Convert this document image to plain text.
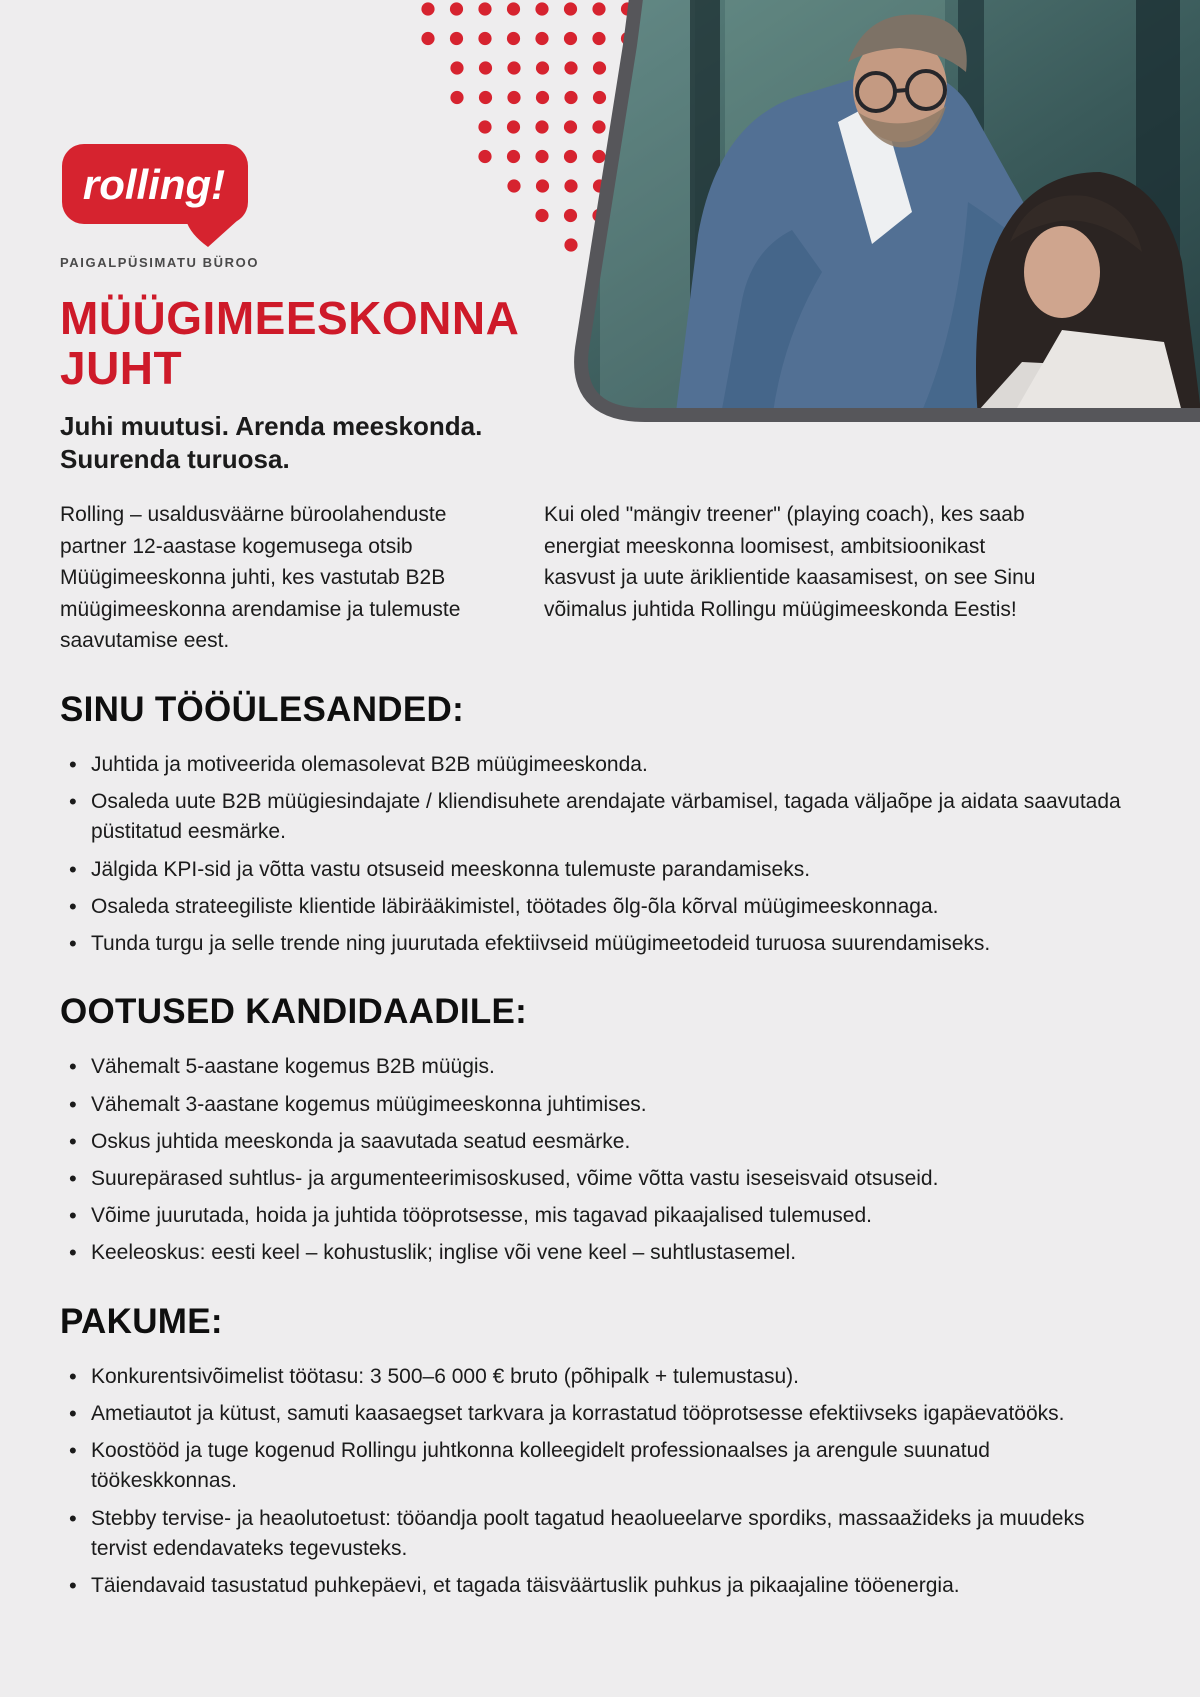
rolling!
PAIGALPÜSIMATU BÜROO
MÜÜGIMEESKONNA
JUHT
Juhi muutusi. Arenda meeskonda.
Suurenda turuosa.

Rolling – usaldusväärne büroolahenduste partner 12-aastase kogemusega otsib Müügimeeskonna juhti, kes vastutab B2B müügimeeskonna arendamise ja tulemuste saavutamise eest.

Kui oled "mängiv treener" (playing coach), kes saab energiat meeskonna loomisest, ambitsioonikast kasvust ja uute äriklientide kaasamisest, on see Sinu võimalus juhtida Rollingu müügimeeskonda Eestis!

SINU TÖÖÜLESANDED:
• Juhtida ja motiveerida olemasolevat B2B müügimeeskonda.
• Osaleda uute B2B müügiesindajate / kliendisuhete arendajate värbamisel, tagada väljaõpe ja aidata saavutada püstitatud eesmärke.
• Jälgida KPI-sid ja võtta vastu otsuseid meeskonna tulemuste parandamiseks.
• Osaleda strateegiliste klientide läbirääkimistel, töötades õlg-õla kõrval müügimeeskonnaga.
• Tunda turgu ja selle trende ning juurutada efektiivseid müügimeetodeid turuosa suurendamiseks.
OOTUSED KANDIDAADILE:
• Vähemalt 5-aastane kogemus B2B müügis.
• Vähemalt 3-aastane kogemus müügimeeskonna juhtimises.
• Oskus juhtida meeskonda ja saavutada seatud eesmärke.
• Suurepärased suhtlus- ja argumenteerimisoskused, võime võtta vastu iseseisvaid otsuseid.
• Võime juurutada, hoida ja juhtida tööprotsesse, mis tagavad pikaajalised tulemused.
• Keeleoskus: eesti keel – kohustuslik; inglise või vene keel – suhtlustasemel.
PAKUME:
• Konkurentsivõimelist töötasu: 3 500–6 000 € bruto (põhipalk + tulemustasu).
• Ametiautot ja kütust, samuti kaasaegset tarkvara ja korrastatud tööprotsesse efektiivseks igapäevatööks.
• Koostööd ja tuge kogenud Rollingu juhtkonna kolleegidelt professionaalses ja arengule suunatud töökeskkonnas.
• Stebby tervise- ja heaolutoetust: tööandja poolt tagatud heaolueelarve spordiks, massaažideks ja muudeks tervist edendavateks tegevusteks.
• Täiendavaid tasustatud puhkepäevi, et tagada täisväärtuslik puhkus ja pikaajaline tööenergia.
